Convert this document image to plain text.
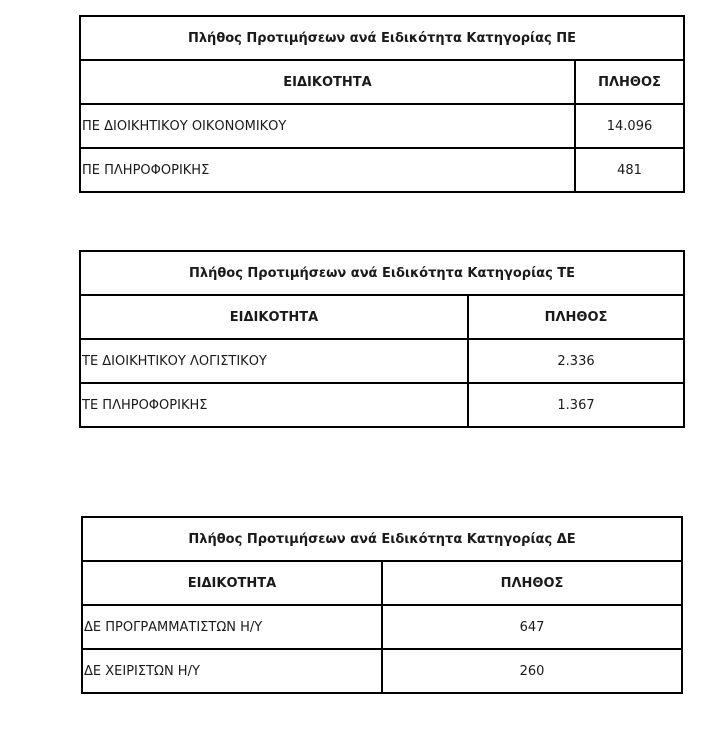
Πλήθος Προτιμήσεων ανά Ειδικότητα Κατηγορίας ΠΕ	
ΕΙΔΙΚΟΤΗΤΑ	ΠΛΗΘΟΣ
ΠΕ ΔΙΟΙΚΗΤΙΚΟΥ ΟΙΚΟΝΟΜΙΚΟΥ	14.096
ΠΕ ΠΛΗΡΟΦΟΡΙΚΗΣ	481
Πλήθος Προτιμήσεων ανά Ειδικότητα Κατηγορίας ΤΕ	
ΕΙΔΙΚΟΤΗΤΑ	ΠΛΗΘΟΣ
ΤΕ ΔΙΟΙΚΗΤΙΚΟΥ ΛΟΓΙΣΤΙΚΟΥ	2.336
ΤΕ ΠΛΗΡΟΦΟΡΙΚΗΣ	1.367
Πλήθος Προτιμήσεων ανά Ειδικότητα Κατηγορίας ΔΕ	
ΕΙΔΙΚΟΤΗΤΑ	ΠΛΗΘΟΣ
ΔΕ ΠΡΟΓΡΑΜΜΑΤΙΣΤΩΝ Η/Υ	647
ΔΕ ΧΕΙΡΙΣΤΩΝ Η/Υ	260
